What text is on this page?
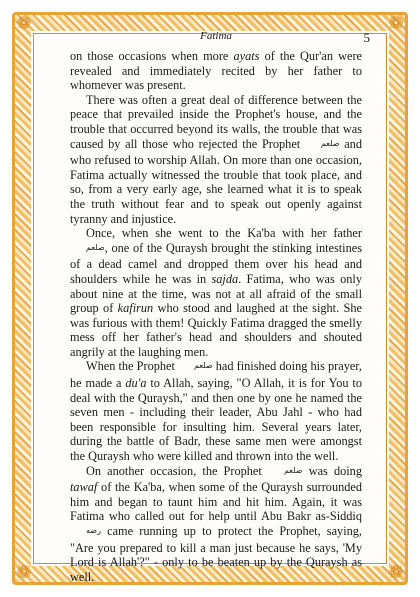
❁	❁
❁	❁
Fatima	5

on those occasions when more ayats of the Qur'an were revealed and immediately recited by her father to whomever was present.

There was often a great deal of difference between the peace that prevailed inside the Prophet's house, and the trouble that occurred beyond its walls, the trouble that was caused by all those who rejected the Prophet صلعم and who refused to worship Allah. On more than one occasion, Fatima actually witnessed the trouble that took place, and so, from a very early age, she learned what it is to speak the truth without fear and to speak out openly against tyranny and injustice.

Once, when she went to the Ka'ba with her father صلعم, one of the Quraysh brought the stinking intestines of a dead camel and dropped them over his head and shoulders while he was in sajda. Fatima, who was only about nine at the time, was not at all afraid of the small group of kafirun who stood and laughed at the sight. She was furious with them! Quickly Fatima dragged the smelly mess off her father's head and shoulders and shouted angrily at the laughing men.

When the Prophet صلعم had finished doing his prayer, he made a du'a to Allah, saying, "O Allah, it is for You to deal with the Quraysh," and then one by one he named the seven men - including their leader, Abu Jahl - who had been responsible for insulting him. Several years later, during the battle of Badr, these same men were amongst the Quraysh who were killed and thrown into the well.

On another occasion, the Prophet صلعم was doing tawaf of the Ka'ba, when some of the Quraysh surrounded him and began to taunt him and hit him. Again, it was Fatima who called out for help until Abu Bakr as-Siddiq رضه came running up to protect the Prophet, saying, "Are you prepared to kill a man just because he says, 'My Lord is Allah'?" - only to be beaten up by the Quraysh as well.
